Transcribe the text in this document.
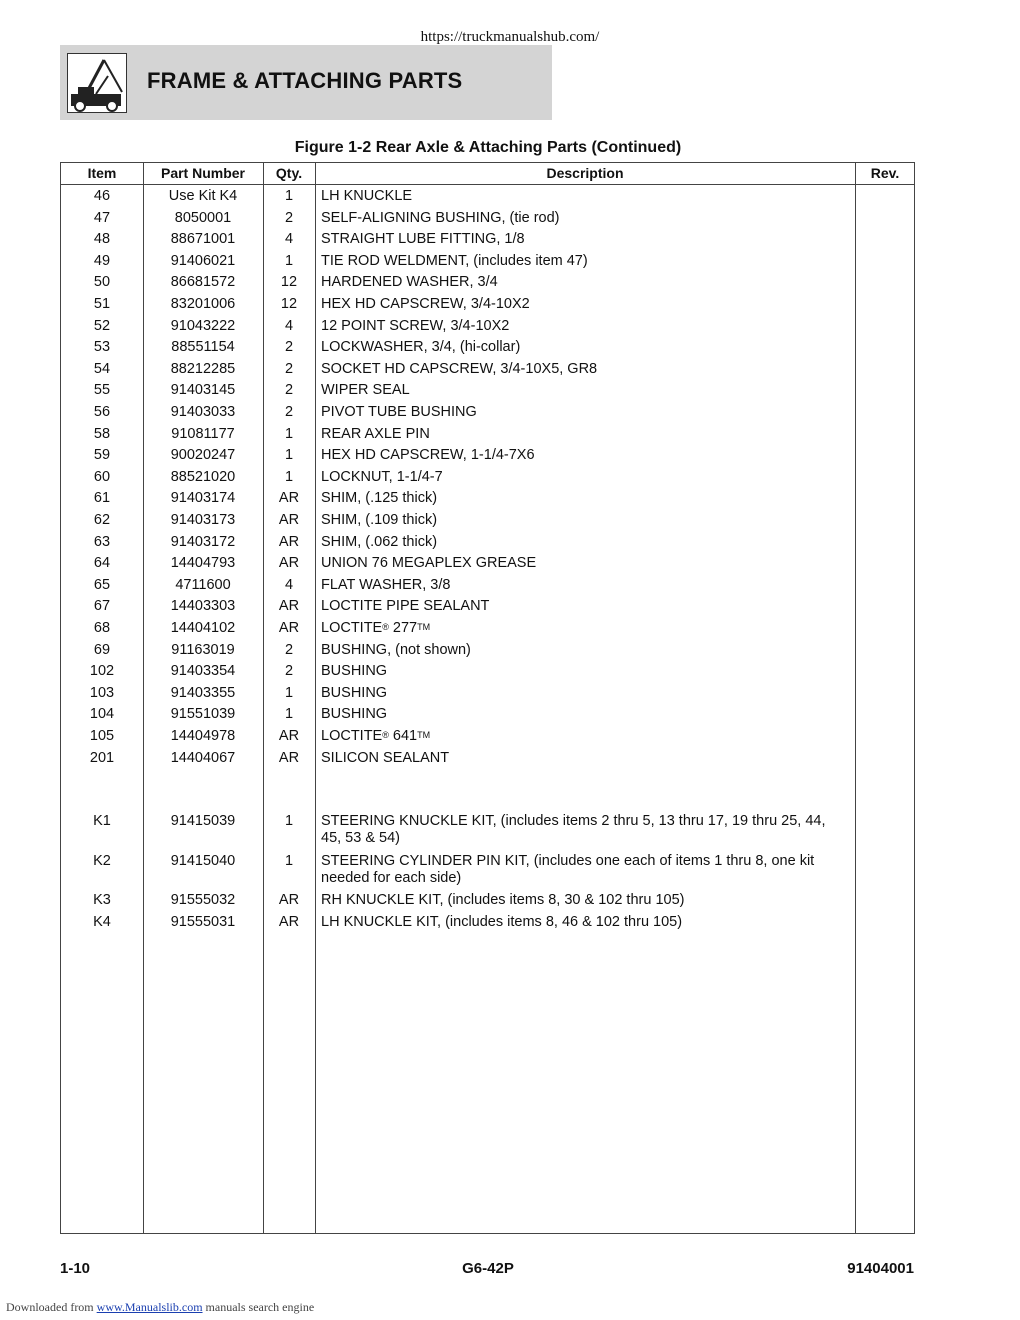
https://truckmanualshub.com/
FRAME & ATTACHING PARTS
Figure 1-2 Rear Axle & Attaching Parts (Continued)
Item	Part Number	Qty.	Description	Rev.
46	Use Kit K4	1	LH KNUCKLE
47	8050001	2	SELF-ALIGNING BUSHING, (tie rod)
48	88671001	4	STRAIGHT LUBE FITTING, 1/8
49	91406021	1	TIE ROD WELDMENT, (includes item 47)
50	86681572	12	HARDENED WASHER, 3/4
51	83201006	12	HEX HD CAPSCREW, 3/4-10X2
52	91043222	4	12 POINT SCREW, 3/4-10X2
53	88551154	2	LOCKWASHER, 3/4, (hi-collar)
54	88212285	2	SOCKET HD CAPSCREW, 3/4-10X5, GR8
55	91403145	2	WIPER SEAL
56	91403033	2	PIVOT TUBE BUSHING
58	91081177	1	REAR AXLE PIN
59	90020247	1	HEX HD CAPSCREW, 1-1/4-7X6
60	88521020	1	LOCKNUT, 1-1/4-7
61	91403174	AR	SHIM, (.125 thick)
62	91403173	AR	SHIM, (.109 thick)
63	91403172	AR	SHIM, (.062 thick)
64	14404793	AR	UNION 76 MEGAPLEX GREASE
65	4711600	4	FLAT WASHER, 3/8
67	14403303	AR	LOCTITE PIPE SEALANT
68	14404102	AR	LOCTITE® 277™
69	91163019	2	BUSHING, (not shown)
102	91403354	2	BUSHING
103	91403355	1	BUSHING
104	91551039	1	BUSHING
105	14404978	AR	LOCTITE® 641™
201	14404067	AR	SILICON SEALANT
K1	91415039	1	STEERING KNUCKLE KIT, (includes items 2 thru 5, 13 thru 17, 19 thru 25, 44,
45, 53 & 54)
K2	91415040	1	STEERING CYLINDER PIN KIT, (includes one each of items 1 thru 8, one kit
needed for each side)
K3	91555032	AR	RH KNUCKLE KIT, (includes items 8, 30 & 102 thru 105)
K4	91555031	AR	LH KNUCKLE KIT, (includes items 8, 46 & 102 thru 105)
1-10	G6-42P	91404001
Downloaded from www.Manualslib.com manuals search engine
